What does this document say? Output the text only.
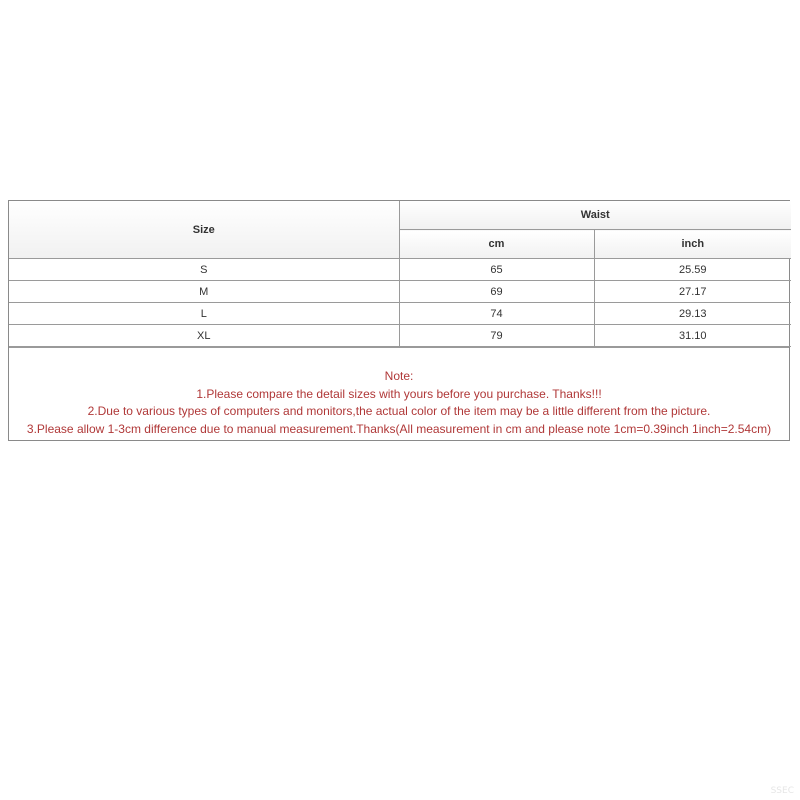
Size	Waist	
	cm	inch
S	65	25.59
M	69	27.17
L	74	29.13
XL	79	31.10
Note:
1.Please compare the detail sizes with yours before you purchase. Thanks!!!
2.Due to various types of computers and monitors,the actual color of the item may be a little different from the picture.
3.Please allow 1-3cm difference due to manual measurement.Thanks(All measurement in cm and please note 1cm=0.39inch 1inch=2.54cm)
SSEC
